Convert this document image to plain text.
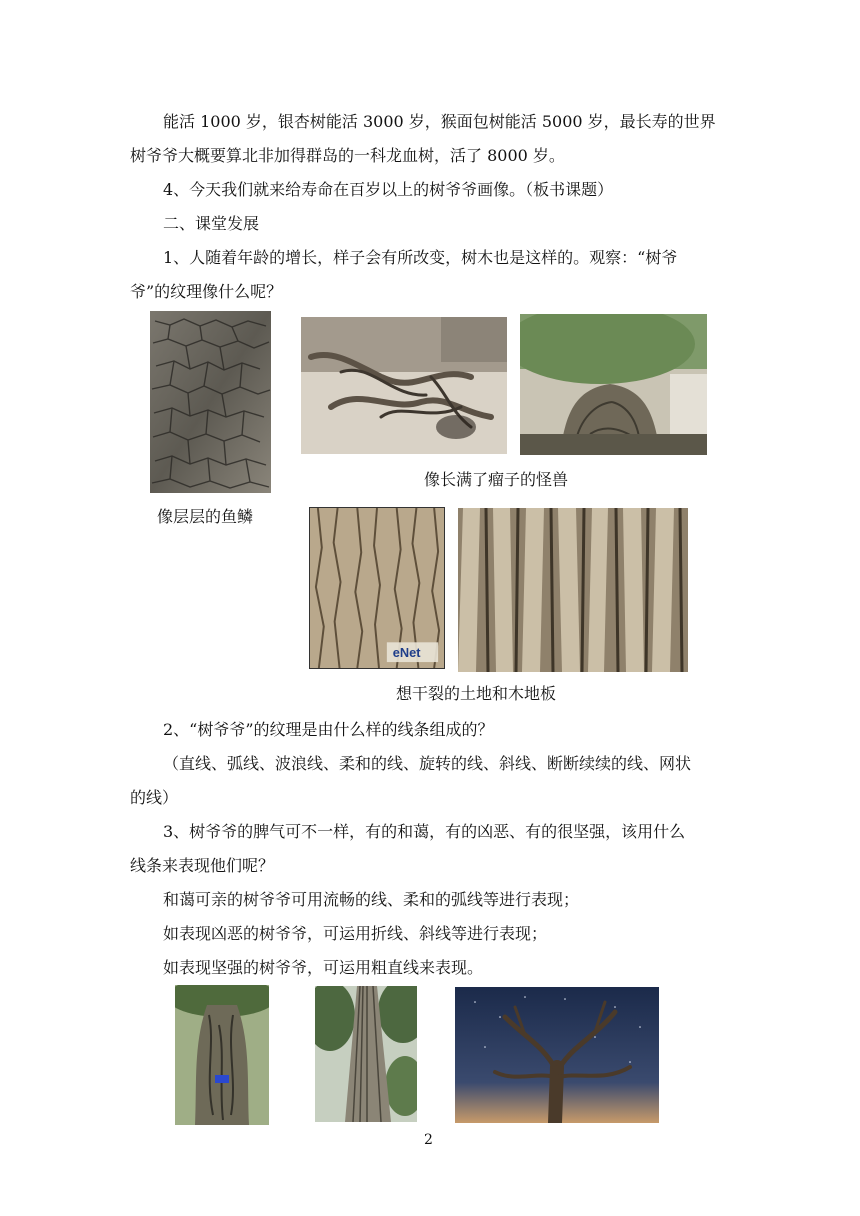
能活 1000 岁，银杏树能活 3000 岁，猴面包树能活 5000 岁，最长寿的世界
树爷爷大概要算北非加得群岛的一科龙血树，活了 8000 岁。
4、今天我们就来给寿命在百岁以上的树爷爷画像。（板书课题）
二、课堂发展
1、人随着年龄的增长，样子会有所改变，树木也是这样的。观察：“树爷
爷”的纹理像什么呢？
像长满了瘤子的怪兽
像层层的鱼鳞
eNet
想干裂的土地和木地板
2、“树爷爷”的纹理是由什么样的线条组成的？
（直线、弧线、波浪线、柔和的线、旋转的线、斜线、断断续续的线、网状
的线）
3、树爷爷的脾气可不一样，有的和蔼，有的凶恶、有的很坚强，该用什么
线条来表现他们呢？
和蔼可亲的树爷爷可用流畅的线、柔和的弧线等进行表现；
如表现凶恶的树爷爷，可运用折线、斜线等进行表现；
如表现坚强的树爷爷，可运用粗直线来表现。
2
